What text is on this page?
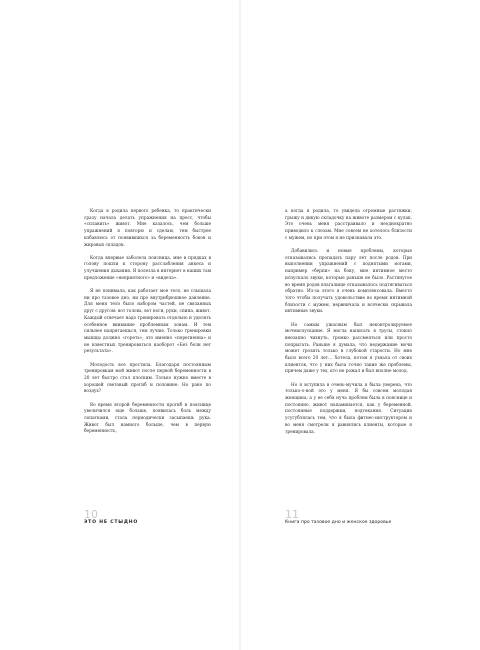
Когда я родила первого ребенка, то практически сразу начала делать упражнения на пресс, чтобы «сплавить» живот. Мне казалось, чем больше упражнений я повторю и сделаю, тем быстрее избавлюсь от появившихся за беременность боков и жировых складок.

Когда впервые заболела поясница, мне в прядках в голову пошли к сторону расслабления анкеса и улучшения дыхания. Я полезла в интернет в наших там предложение «неприятного» и «видела».

Я не понимала, как работает мое тело, не слышала ни про тазовое дно, ни про внутрибрюшное давление. Для меня тело было набором частей, не связанных друг с другом: вот голова, вот ноги, руки, спина, живот. Каждый отвечает надо тренировать отдельно и уделять особенное внимание проблемным зонам. И тем сильнее напрягаешься, тем лучше. Только тренировки мышцы должно «гореть», это именно «перегиенна» и не известных тренироваться наоборот «Без боли нет результата».

Молодость все простила. Благодаря постоянным тренировкам мой живот после первой беременности в 20 лет быстро стал плоским. Только нужно вместе в хорошей световый прогиб и половине. Но рано по воздух?

Во время второй беременности прогиб в пояснице увеличился еще больше, появилась боль между лопатками, стала периодически засыпаешь рука. Живот был намного больше, чем в первую беременность,

10
ЭТО НЕ СТЫДНО

а когда я родила, то увидела огромные растяжки, грыжу и дикую складочку на животе размером с кулак. Это очень меня расстраивало и неоднократно приводило к слезам. Мне совсем не хотелось близости с мужем, но при этом я не признавала это.

Добавились и новые проблемы, которые отказывались пропадать пару лет после родов. При выполнении упражнений с поднятыми ногами, например «берпи» на боку, мне интимное место испускало звуки, которые раньше не было. Растянутое во время родов влагалище отказывалось подтягиваться обратно. Из-за этого я очень комплексовала. Вместо того чтобы получать удовольствие во время интимной близости с мужем, нервничала и всячески скрывала интимные звуки.

Но самым ужасным был неконтролируемое мочеиспускание. Я могла написать в трусы, стоило внезапно чихнуть, громко рассмеяться или просто попрыгать. Раньше я думала, что недержание мочи может грозить только в глубокой старости. Но мне было всего 20 лет… Хотела, потом я узнала от своих клиенток, что у них была точно такие же проблемы, причем даже у тех, кто не рожал и был вполне молод.

Но я вступила в очень-мучила я была уверена, что только-о-ной это у меня. Я бы совсем молодая женщина, а у ее себя нуча проблем была в пояснице и постоянно, живот напаминается, как у беременной, постоянные поддержки, подтекания. Ситуация усугублялась тем, что я была фитнес-инструктором и во меня смотрели я равнялись клиенты, которые я тренировала.

11
Книга про тазовое дно и женское здоровье
